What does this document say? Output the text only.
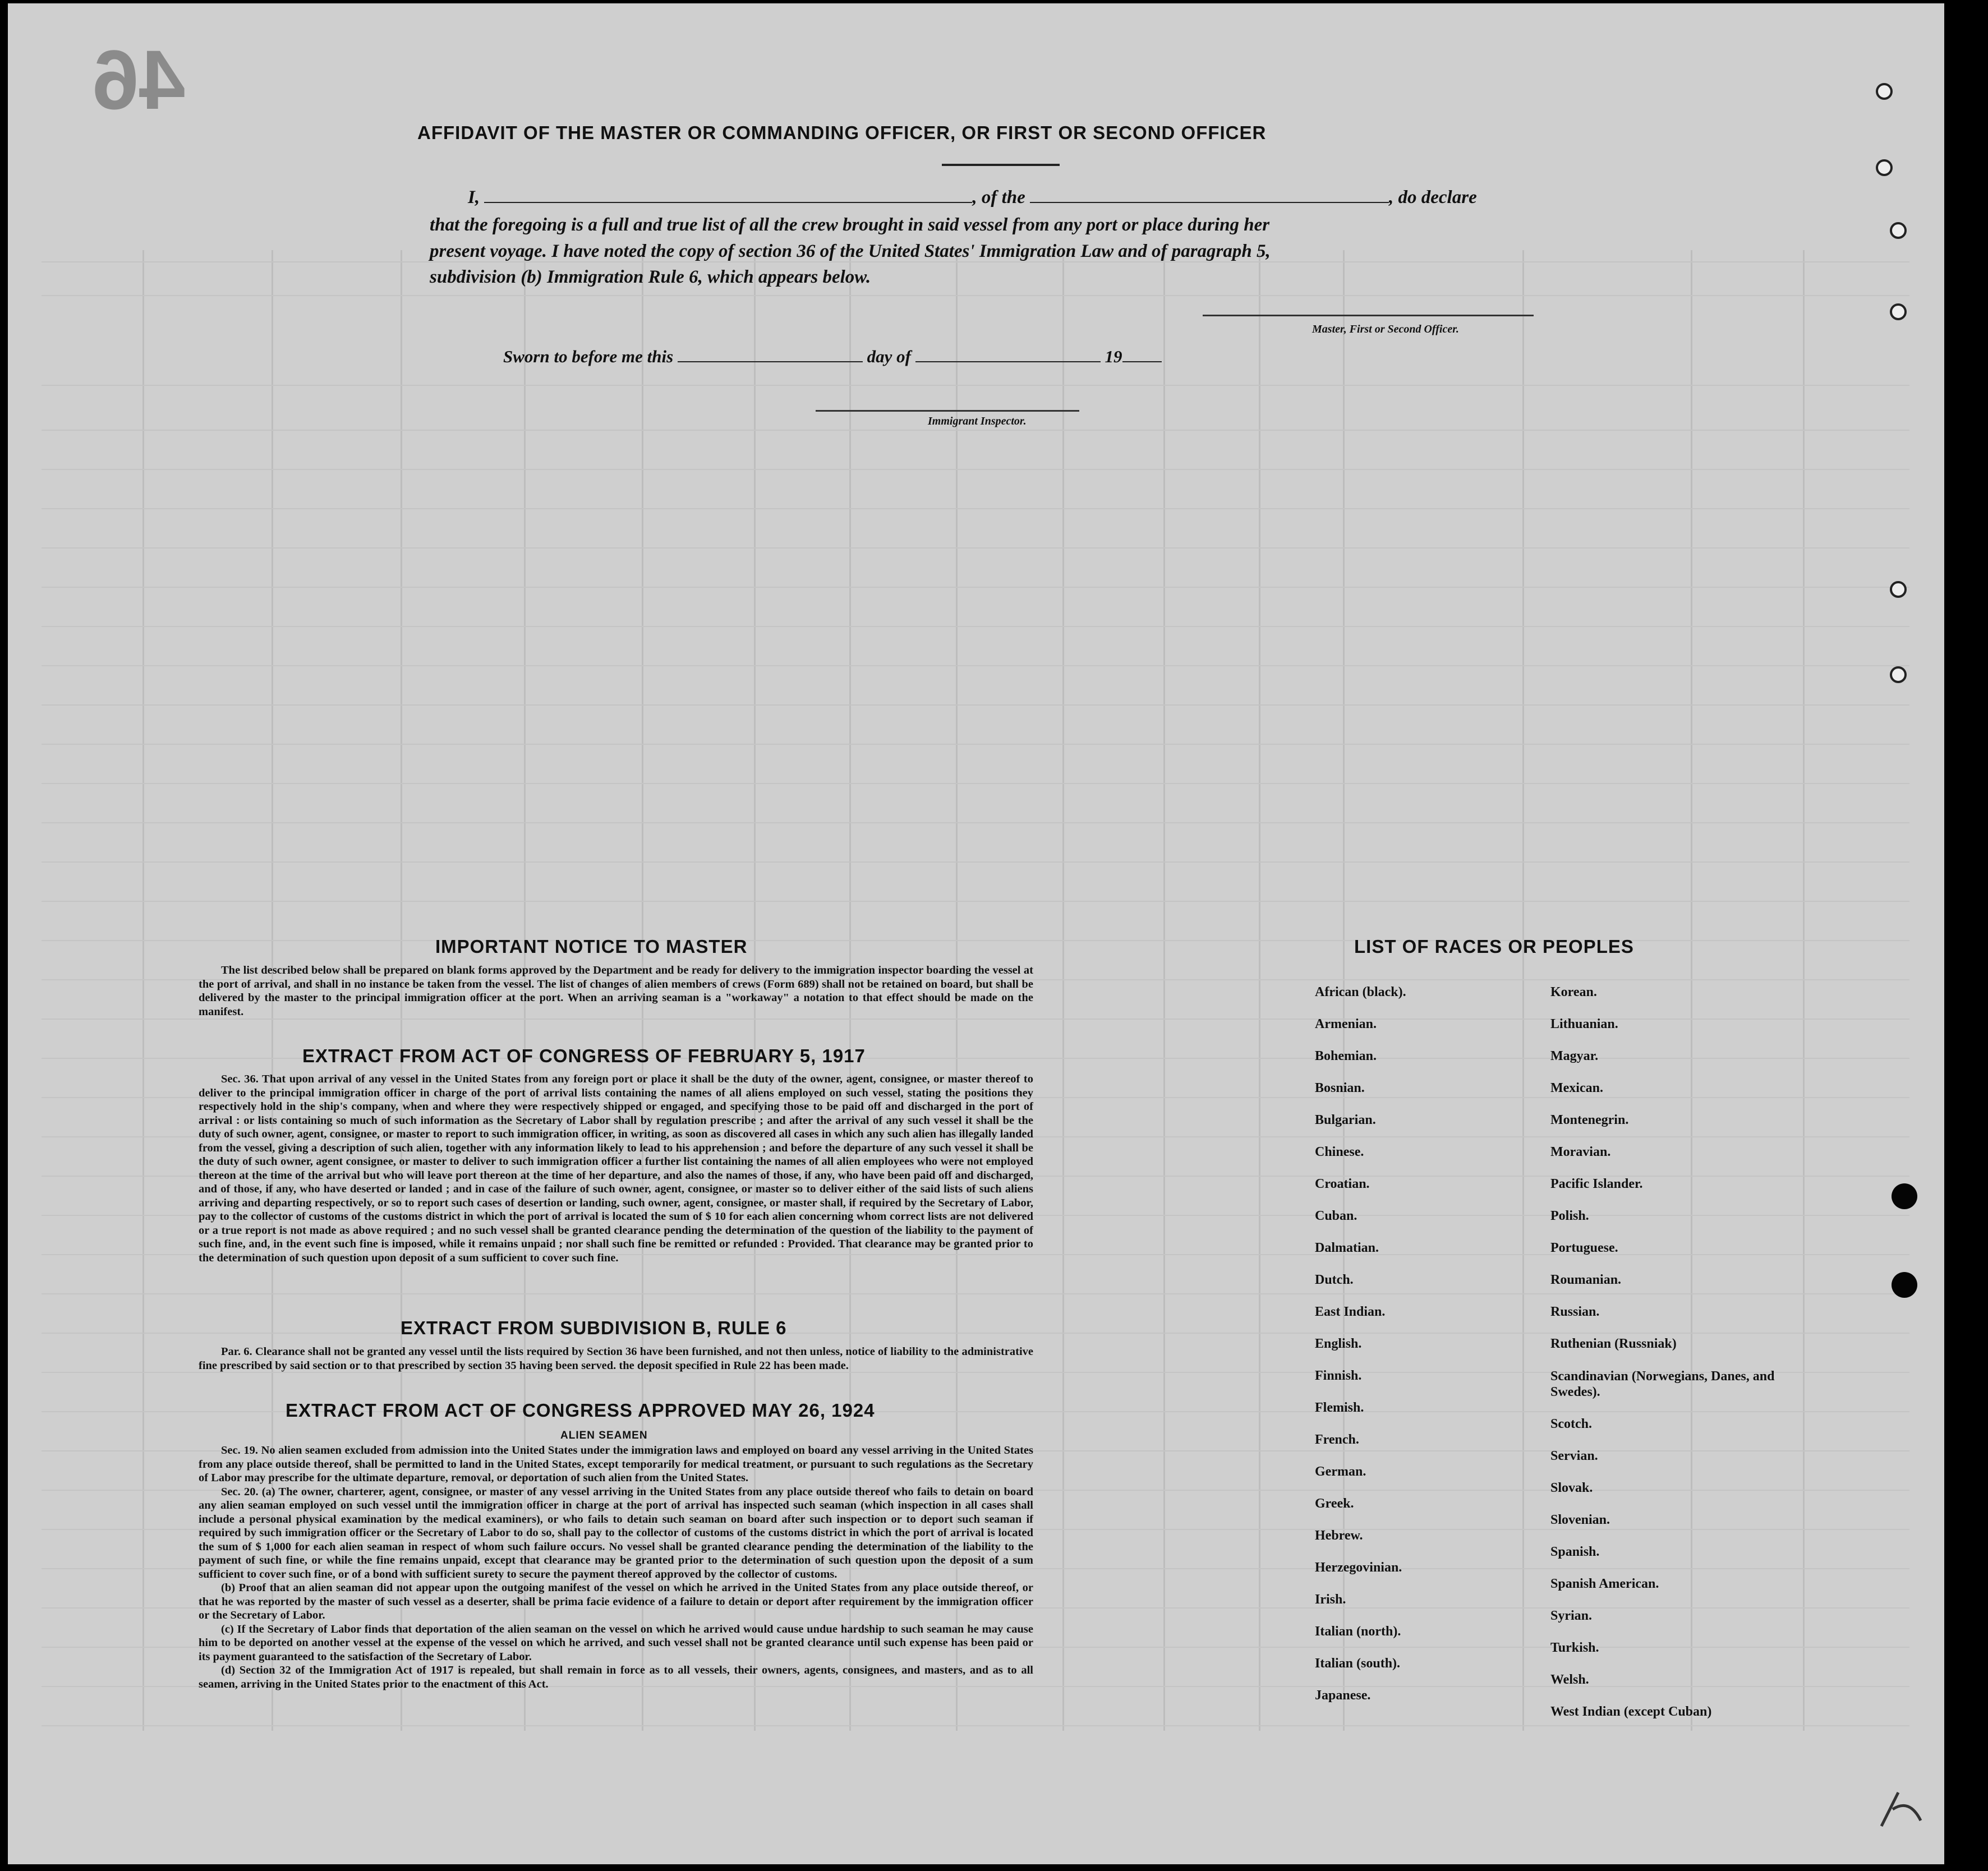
46
AFFIDAVIT OF THE MASTER OR COMMANDING OFFICER, OR FIRST OR SECOND OFFICER
I,	, of the	, do declare
that the foregoing is a full and true list of all the crew brought in said vessel from any port or place during her
present voyage. I have noted the copy of section 36 of the United States' Immigration Law and of paragraph 5,
subdivision (b) Immigration Rule 6, which appears below.
Master, First or Second Officer.
Sworn to before me this	day of	19
Immigrant Inspector.
IMPORTANT NOTICE TO MASTER
The list described below shall be prepared on blank forms approved by the Department and be ready for delivery to the immigration inspector boarding the vessel at the port of arrival, and shall in no instance be taken from the vessel. The list of changes of alien members of crews (Form 689) shall not be retained on board, but shall be delivered by the master to the principal immigration officer at the port. When an arriving seaman is a "workaway" a notation to that effect should be made on the manifest.
EXTRACT FROM ACT OF CONGRESS OF FEBRUARY 5, 1917
Sec. 36. That upon arrival of any vessel in the United States from any foreign port or place it shall be the duty of the owner, agent, consignee, or master thereof to deliver to the principal immigration officer in charge of the port of arrival lists containing the names of all aliens employed on such vessel, stating the positions they respectively hold in the ship's company, when and where they were respectively shipped or engaged, and specifying those to be paid off and discharged in the port of arrival : or lists containing so much of such information as the Secretary of Labor shall by regulation prescribe ; and after the arrival of any such vessel it shall be the duty of such owner, agent, consignee, or master to report to such immigration officer, in writing, as soon as discovered all cases in which any such alien has illegally landed from the vessel, giving a description of such alien, together with any information likely to lead to his apprehension ; and before the departure of any such vessel it shall be the duty of such owner, agent consignee, or master to deliver to such immigration officer a further list containing the names of all alien employees who were not employed thereon at the time of the arrival but who will leave port thereon at the time of her departure, and also the names of those, if any, who have been paid off and discharged, and of those, if any, who have deserted or landed ; and in case of the failure of such owner, agent, consignee, or master so to deliver either of the said lists of such aliens arriving and departing respectively, or so to report such cases of desertion or landing, such owner, agent, consignee, or master shall, if required by the Secretary of Labor, pay to the collector of customs of the customs district in which the port of arrival is located the sum of $ 10 for each alien concerning whom correct lists are not delivered or a true report is not made as above required ; and no such vessel shall be granted clearance pending the determination of the question of the liability to the payment of such fine, and, in the event such fine is imposed, while it remains unpaid ; nor shall such fine be remitted or refunded : Provided. That clearance may be granted prior to the determination of such question upon deposit of a sum sufficient to cover such fine.
EXTRACT FROM SUBDIVISION B, RULE 6
Par. 6. Clearance shall not be granted any vessel until the lists required by Section 36 have been furnished, and not then unless, notice of liability to the administrative fine prescribed by said section or to that prescribed by section 35 having been served. the deposit specified in Rule 22 has been made.
EXTRACT FROM ACT OF CONGRESS APPROVED MAY 26, 1924
ALIEN SEAMEN

Sec. 19. No alien seamen excluded from admission into the United States under the immigration laws and employed on board any vessel arriving in the United States from any place outside thereof, shall be permitted to land in the United States, except temporarily for medical treatment, or pursuant to such regulations as the Secretary of Labor may prescribe for the ultimate departure, removal, or deportation of such alien from the United States.

Sec. 20. (a) The owner, charterer, agent, consignee, or master of any vessel arriving in the United States from any place outside thereof who fails to detain on board any alien seaman employed on such vessel until the immigration officer in charge at the port of arrival has inspected such seaman (which inspection in all cases shall include a personal physical examination by the medical examiners), or who fails to detain such seaman on board after such inspection or to deport such seaman if required by such immigration officer or the Secretary of Labor to do so, shall pay to the collector of customs of the customs district in which the port of arrival is located the sum of $ 1,000 for each alien seaman in respect of whom such failure occurs. No vessel shall be granted clearance pending the determination of the liability to the payment of such fine, or while the fine remains unpaid, except that clearance may be granted prior to the determination of such question upon the deposit of a sum sufficient to cover such fine, or of a bond with sufficient surety to secure the payment thereof approved by the collector of customs.

(b) Proof that an alien seaman did not appear upon the outgoing manifest of the vessel on which he arrived in the United States from any place outside thereof, or that he was reported by the master of such vessel as a deserter, shall be prima facie evidence of a failure to detain or deport after requirement by the immigration officer or the Secretary of Labor.

(c) If the Secretary of Labor finds that deportation of the alien seaman on the vessel on which he arrived would cause undue hardship to such seaman he may cause him to be deported on another vessel at the expense of the vessel on which he arrived, and such vessel shall not be granted clearance until such expense has been paid or its payment guaranteed to the satisfaction of the Secretary of Labor.

(d) Section 32 of the Immigration Act of 1917 is repealed, but shall remain in force as to all vessels, their owners, agents, consignees, and masters, and as to all seamen, arriving in the United States prior to the enactment of this Act.

LIST OF RACES OR PEOPLES
African (black).
Armenian.
Bohemian.
Bosnian.
Bulgarian.
Chinese.
Croatian.
Cuban.
Dalmatian.
Dutch.
East Indian.
English.
Finnish.
Flemish.
French.
German.
Greek.
Hebrew.
Herzegovinian.
Irish.
Italian (north).
Italian (south).
Japanese.
Korean.
Lithuanian.
Magyar.
Mexican.
Montenegrin.
Moravian.
Pacific Islander.
Polish.
Portuguese.
Roumanian.
Russian.
Ruthenian (Russniak)
Scandinavian (Norwegians, Danes, and Swedes).
Scotch.
Servian.
Slovak.
Slovenian.
Spanish.
Spanish American.
Syrian.
Turkish.
Welsh.
West Indian (except Cuban)
